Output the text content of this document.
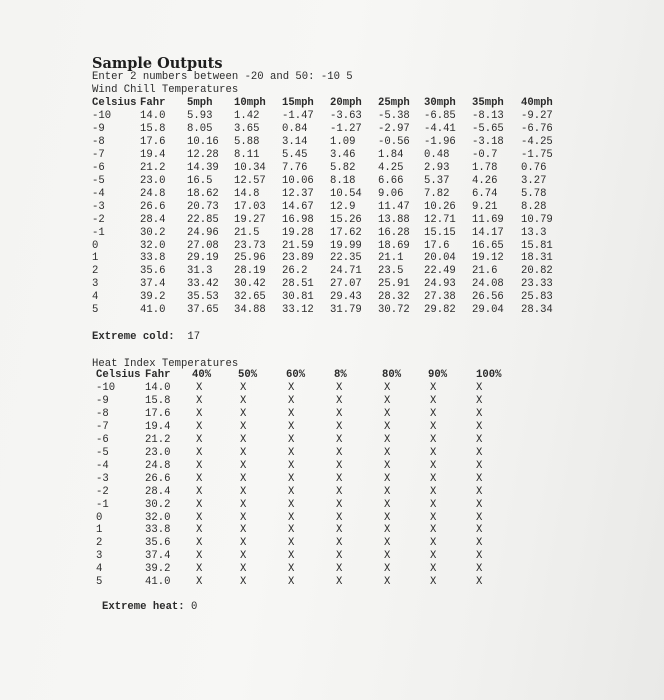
Sample Outputs
Enter 2 numbers between -20 and 50: -10 5
Wind Chill Temperatures
Celsius Fahr 5mph 10mph 15mph 20mph 25mph 30mph 35mph 40mph
-10	14.0 5.93 1.42 -1.47 -3.63 -5.38 -6.85 -8.13 -9.27
-9	15.8 8.05 3.65 0.84 -1.27 -2.97 -4.41 -5.65 -6.76
-8	17.6 10.16 5.88 3.14 1.09 -0.56 -1.96 -3.18 -4.25
-7	19.4 12.28 8.11 5.45 3.46 1.84 0.48 -0.7 -1.75
-6	21.2 14.39 10.34 7.76 5.82 4.25 2.93 1.78 0.76
-5	23.0 16.5 12.57 10.06 8.18 6.66 5.37 4.26 3.27
-4	24.8 18.62 14.8 12.37 10.54 9.06 7.82 6.74 5.78
-3	26.6 20.73 17.03 14.67 12.9 11.47 10.26 9.21 8.28
-2	28.4 22.85 19.27 16.98 15.26 13.88 12.71 11.69 10.79
-1	30.2 24.96 21.5 19.28 17.62 16.28 15.15 14.17 13.3
0	32.0 27.08 23.73 21.59 19.99 18.69 17.6 16.65 15.81
1	33.8 29.19 25.96 23.89 22.35 21.1 20.04 19.12 18.31
2	35.6 31.3 28.19 26.2 24.71 23.5 22.49 21.6 20.82
3	37.4 33.42 30.42 28.51 27.07 25.91 24.93 24.08 23.33
4	39.2 35.53 32.65 30.81 29.43 28.32 27.38 26.56 25.83
5	41.0 37.65 34.88 33.12 31.79 30.72 29.82 29.04 28.34
Extreme cold: 17
Heat Index Temperatures
Celsius Fahr 40%	50%	60%	8%	80%	90%	100%
-10	14.0 X	X	X	X	X	X	X
-9	15.8 X	X	X	X	X	X	X
-8	17.6 X	X	X	X	X	X	X
-7	19.4 X	X	X	X	X	X	X
-6	21.2 X	X	X	X	X	X	X
-5	23.0 X	X	X	X	X	X	X
-4	24.8 X	X	X	X	X	X	X
-3	26.6 X	X	X	X	X	X	X
-2	28.4 X	X	X	X	X	X	X
-1	30.2 X	X	X	X	X	X	X
0	32.0 X	X	X	X	X	X	X
1	33.8 X	X	X	X	X	X	X
2	35.6 X	X	X	X	X	X	X
3	37.4 X	X	X	X	X	X	X
4	39.2 X	X	X	X	X	X	X
5	41.0 X	X	X	X	X	X	X
Extreme heat: 0
